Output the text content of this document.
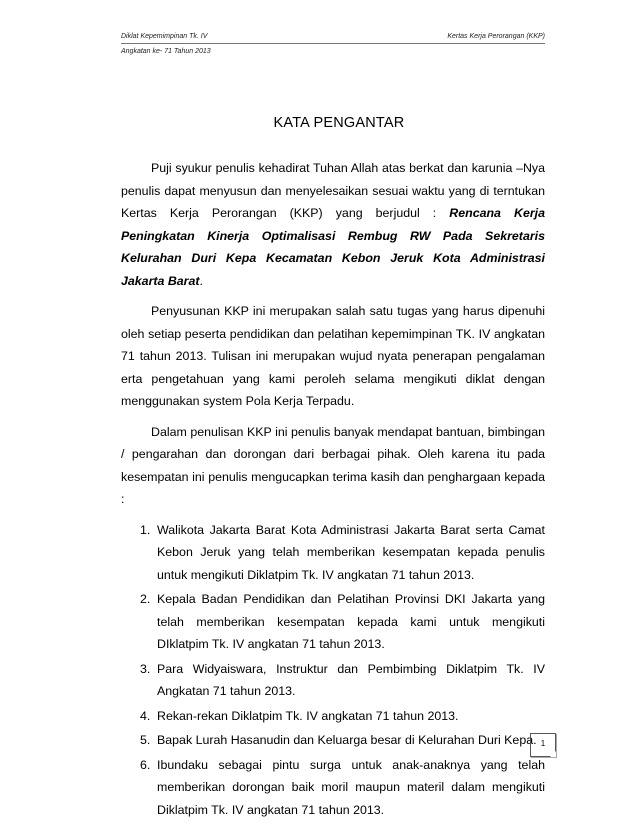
Diklat Kepemimpinan Tk. IV	Kertas Kerja Perorangan (KKP)
Angkatan ke- 71 Tahun 2013
KATA PENGANTAR

Puji syukur penulis kehadirat Tuhan Allah atas berkat dan karunia –Nya penulis dapat menyusun dan menyelesaikan sesuai waktu yang di terntukan Kertas Kerja Perorangan (KKP) yang berjudul : Rencana Kerja Peningkatan Kinerja Optimalisasi Rembug RW Pada Sekretaris Kelurahan Duri Kepa Kecamatan Kebon Jeruk Kota Administrasi Jakarta Barat.

Penyusunan KKP ini merupakan salah satu tugas yang harus dipenuhi oleh setiap peserta pendidikan dan pelatihan kepemimpinan TK. IV angkatan 71 tahun 2013. Tulisan ini merupakan wujud nyata penerapan pengalaman erta pengetahuan yang kami peroleh selama mengikuti diklat dengan menggunakan system Pola Kerja Terpadu.

Dalam penulisan KKP ini penulis banyak mendapat bantuan, bimbingan / pengarahan dan dorongan dari berbagai pihak. Oleh karena itu pada kesempatan ini penulis mengucapkan terima kasih dan penghargaan kepada :

1. Walikota Jakarta Barat Kota Administrasi Jakarta Barat serta Camat Kebon Jeruk yang telah memberikan kesempatan kepada penulis untuk mengikuti Diklatpim Tk. IV angkatan 71 tahun 2013.
2. Kepala Badan Pendidikan dan Pelatihan Provinsi DKI Jakarta yang telah memberikan kesempatan kepada kami untuk mengikuti DIklatpim Tk. IV angkatan 71 tahun 2013.
3. Para Widyaiswara, Instruktur dan Pembimbing Diklatpim Tk. IV Angkatan 71 tahun 2013.
4. Rekan-rekan Diklatpim Tk. IV angkatan 71 tahun 2013.
5. Bapak Lurah Hasanudin dan Keluarga besar di Kelurahan Duri Kepa.
6. Ibundaku sebagai pintu surga untuk anak-anaknya yang telah memberikan dorongan baik moril maupun materil dalam mengikuti Diklatpim Tk. IV angkatan 71 tahun 2013.
1
